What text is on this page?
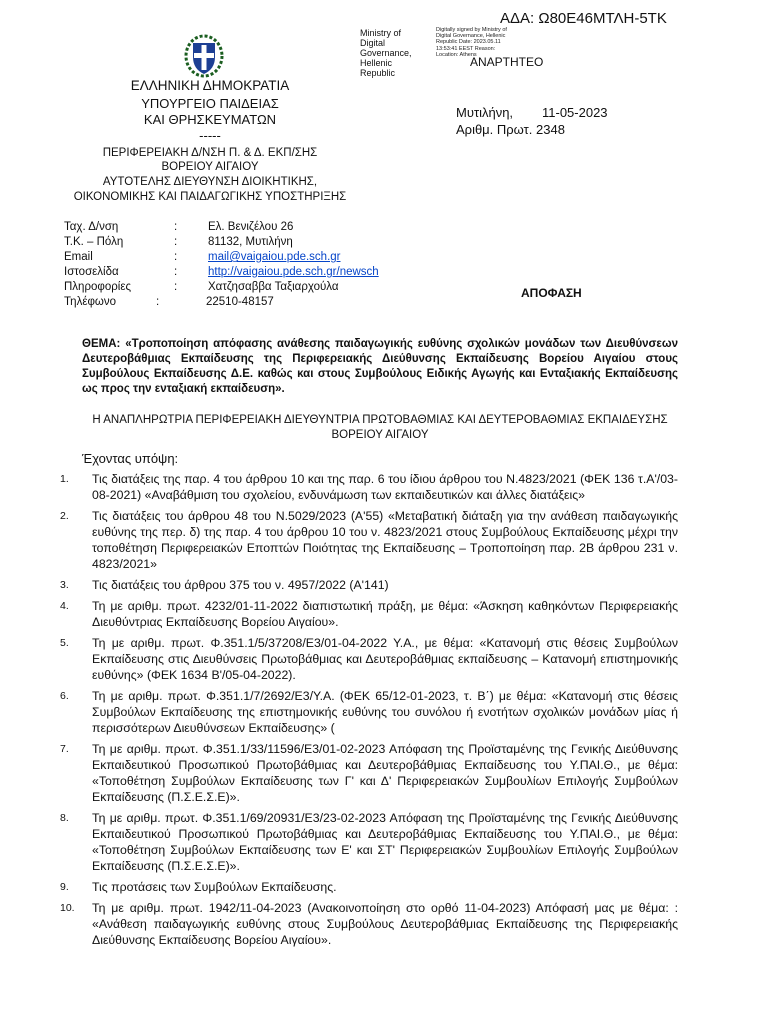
ΑΔΑ: Ω80Ε46ΜΤΛΗ-5ΤΚ
Ministry of Digital Governance, Hellenic Republic
Digitally signed by Ministry of Digital Governance, Hellenic Republic Date: 2023.05.11 13:53:41 EEST Reason: Location: Athens
ΑΝΑΡΤΗΤΕΟ
ΕΛΛΗΝΙΚΗ ΔΗΜΟΚΡΑΤΙΑ
ΥΠΟΥΡΓΕΙΟ ΠΑΙΔΕΙΑΣ
ΚΑΙ ΘΡΗΣΚΕΥΜΑΤΩΝ
-----
ΠΕΡΙΦΕΡΕΙΑΚΗ Δ/ΝΣΗ Π. & Δ. ΕΚΠ/ΣΗΣ
ΒΟΡΕΙΟΥ ΑΙΓΑΙΟΥ
ΑΥΤΟΤΕΛΗΣ ΔΙΕΥΘΥΝΣΗ ΔΙΟΙΚΗΤΙΚΗΣ,
ΟΙΚΟΝΟΜΙΚΗΣ ΚΑΙ ΠΑΙΔΑΓΩΓΙΚΗΣ ΥΠΟΣΤΗΡΙΞΗΣ
Μυτιλήνη, 11-05-2023
Αριθμ. Πρωτ. 2348
Ταχ. Δ/νση	:	Ελ. Βενιζέλου 26
Τ.Κ. – Πόλη	:	81132, Μυτιλήνη
Email	:	mail@vaigaiou.pde.sch.gr
Ιστοσελίδα	:	http://vaigaiou.pde.sch.gr/newsch
Πληροφορίες	:	Χατζησαββα Ταξιαρχούλα
Τηλέφωνο	:	22510-48157
ΑΠΟΦΑΣΗ
ΘΕΜΑ: «Τροποποίηση απόφασης ανάθεσης παιδαγωγικής ευθύνης σχολικών μονάδων των Διευθύνσεων Δευτεροβάθμιας Εκπαίδευσης της Περιφερειακής Διεύθυνσης Εκπαίδευσης Βορείου Αιγαίου στους Συμβούλους Εκπαίδευσης Δ.Ε. καθώς και στους Συμβούλους Ειδικής Αγωγής και Ενταξιακής Εκπαίδευσης ως προς την ενταξιακή εκπαίδευση».
Η ΑΝΑΠΛΗΡΩΤΡΙΑ ΠΕΡΙΦΕΡΕΙΑΚΗ ΔΙΕΥΘΥΝΤΡΙΑ ΠΡΩΤΟΒΑΘΜΙΑΣ ΚΑΙ ΔΕΥΤΕΡΟΒΑΘΜΙΑΣ ΕΚΠΑΙΔΕΥΣΗΣ ΒΟΡΕΙΟΥ ΑΙΓΑΙΟΥ
Έχοντας υπόψη:
1. Τις διατάξεις της παρ. 4 του άρθρου 10 και της παρ. 6 του ίδιου άρθρου του Ν.4823/2021 (ΦΕΚ 136 τ.Α'/03-08-2021) «Αναβάθμιση του σχολείου, ενδυνάμωση των εκπαιδευτικών και άλλες διατάξεις»
2. Τις διατάξεις του άρθρου 48 του Ν.5029/2023 (Α'55) «Μεταβατική διάταξη για την ανάθεση παιδαγωγικής ευθύνης της περ. δ) της παρ. 4 του άρθρου 10 του ν. 4823/2021 στους Συμβούλους Εκπαίδευσης μέχρι την τοποθέτηση Περιφερειακών Εποπτών Ποιότητας της Εκπαίδευσης – Τροποποίηση παρ. 2Β άρθρου 231 ν. 4823/2021»
3. Τις διατάξεις του άρθρου 375 του ν. 4957/2022 (Α'141)
4. Τη με αριθμ. πρωτ. 4232/01-11-2022 διαπιστωτική πράξη, με θέμα: «Άσκηση καθηκόντων Περιφερειακής Διευθύντριας Εκπαίδευσης Βορείου Αιγαίου».
5. Τη με αριθμ. πρωτ. Φ.351.1/5/37208/Ε3/01-04-2022 Υ.Α., με θέμα: «Κατανομή στις θέσεις Συμβούλων Εκπαίδευσης στις Διευθύνσεις Πρωτοβάθμιας και Δευτεροβάθμιας εκπαίδευσης – Κατανομή επιστημονικής ευθύνης» (ΦΕΚ 1634 Β'/05-04-2022).
6. Τη με αριθμ. πρωτ. Φ.351.1/7/2692/Ε3/Υ.Α. (ΦΕΚ 65/12-01-2023, τ. Β΄) με θέμα: «Κατανομή στις θέσεις Συμβούλων Εκπαίδευσης της επιστημονικής ευθύνης του συνόλου ή ενοτήτων σχολικών μονάδων μίας ή περισσότερων Διευθύνσεων Εκπαίδευσης» (
7. Τη με αριθμ. πρωτ. Φ.351.1/33/11596/Ε3/01-02-2023 Απόφαση της Προϊσταμένης της Γενικής Διεύθυνσης Εκπαιδευτικού Προσωπικού Πρωτοβάθμιας και Δευτεροβάθμιας Εκπαίδευσης του Υ.ΠΑΙ.Θ., με θέμα: «Τοποθέτηση Συμβούλων Εκπαίδευσης των Γ' και Δ' Περιφερειακών Συμβουλίων Επιλογής Συμβούλων Εκπαίδευσης (Π.Σ.Ε.Σ.Ε)».
8. Τη με αριθμ. πρωτ. Φ.351.1/69/20931/Ε3/23-02-2023 Απόφαση της Προϊσταμένης της Γενικής Διεύθυνσης Εκπαιδευτικού Προσωπικού Πρωτοβάθμιας και Δευτεροβάθμιας Εκπαίδευσης του Υ.ΠΑΙ.Θ., με θέμα: «Τοποθέτηση Συμβούλων Εκπαίδευσης των Ε' και ΣΤ' Περιφερειακών Συμβουλίων Επιλογής Συμβούλων Εκπαίδευσης (Π.Σ.Ε.Σ.Ε)».
9. Τις προτάσεις των Συμβούλων Εκπαίδευσης.
10. Τη με αριθμ. πρωτ. 1942/11-04-2023 (Ανακοινοποίηση στο ορθό 11-04-2023) Απόφασή μας με θέμα: : «Ανάθεση παιδαγωγικής ευθύνης στους Συμβούλους Δευτεροβάθμιας Εκπαίδευσης της Περιφερειακής Διεύθυνσης Εκπαίδευσης Βορείου Αιγαίου».
